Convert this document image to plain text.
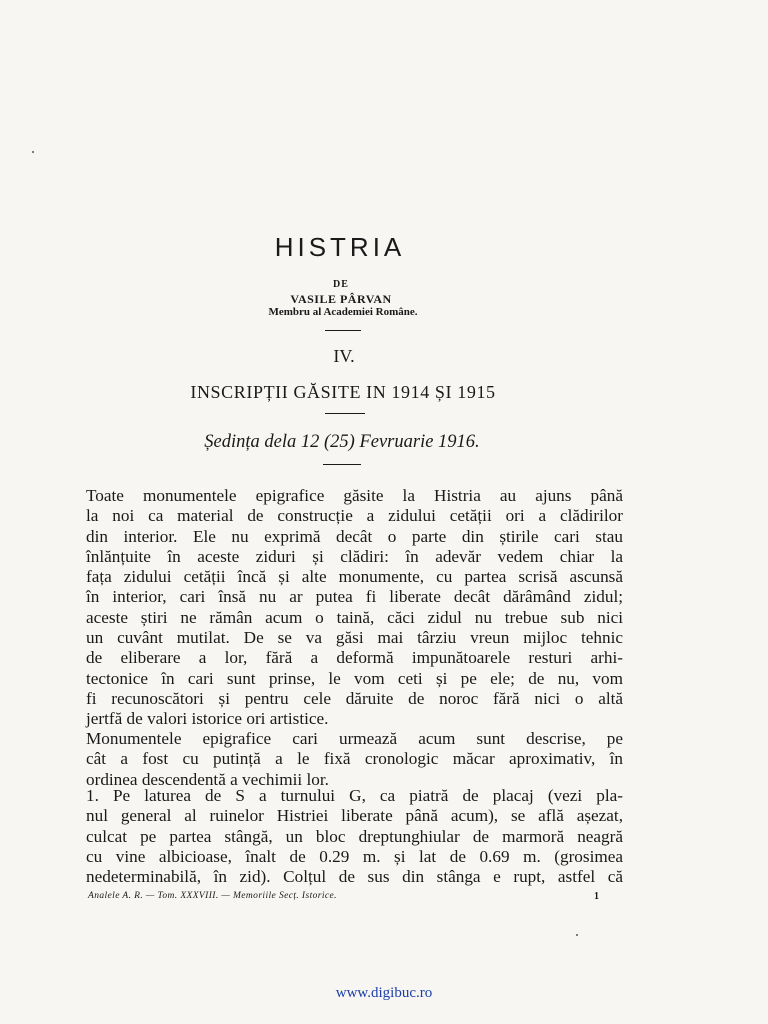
HISTRIA
DE
VASILE PÂRVAN
Membru al Academiei Române.
IV.
INSCRIPȚII GĂSITE IN 1914 ȘI 1915
Ședința dela 12 (25) Fevruarie 1916.
Toate monumentele epigrafice găsite la Histria au ajuns până
la noi ca material de construcție a zidului cetății ori a clădirilor
din interior. Ele nu exprimă decât o parte din știrile cari stau
înlănțuite în aceste ziduri și clădiri: în adevăr vedem chiar la
fața zidului cetății încă și alte monumente, cu partea scrisă ascunsă
în interior, cari însă nu ar putea fi liberate decât dărâmând zidul;
aceste știri ne rămân acum o taină, căci zidul nu trebue sub nici
un cuvânt mutilat. De se va găsi mai târziu vreun mijloc tehnic
de eliberare a lor, fără a deformă impunătoarele resturi arhi-
tectonice în cari sunt prinse, le vom ceti și pe ele; de nu, vom
fi recunoscători și pentru cele dăruite de noroc fără nici o altă
jertfă de valori istorice ori artistice.
Monumentele epigrafice cari urmează acum sunt descrise, pe
cât a fost cu putință a le fixă cronologic măcar aproximativ, în
ordinea descendentă a vechimii lor.
1. Pe laturea de S a turnului G, ca piatră de placaj (vezi pla-
nul general al ruinelor Histriei liberate până acum), se află așezat,
culcat pe partea stângă, un bloc dreptunghiular de marmoră neagră
cu vine albicioase, înalt de 0.29 m. și lat de 0.69 m. (grosimea
nedeterminabilă, în zid). Colțul de sus din stânga e rupt, astfel că
Analele A. R. — Tom. XXXVIII. — Memoriile Secț. Istorice.	1
www.digibuc.ro
